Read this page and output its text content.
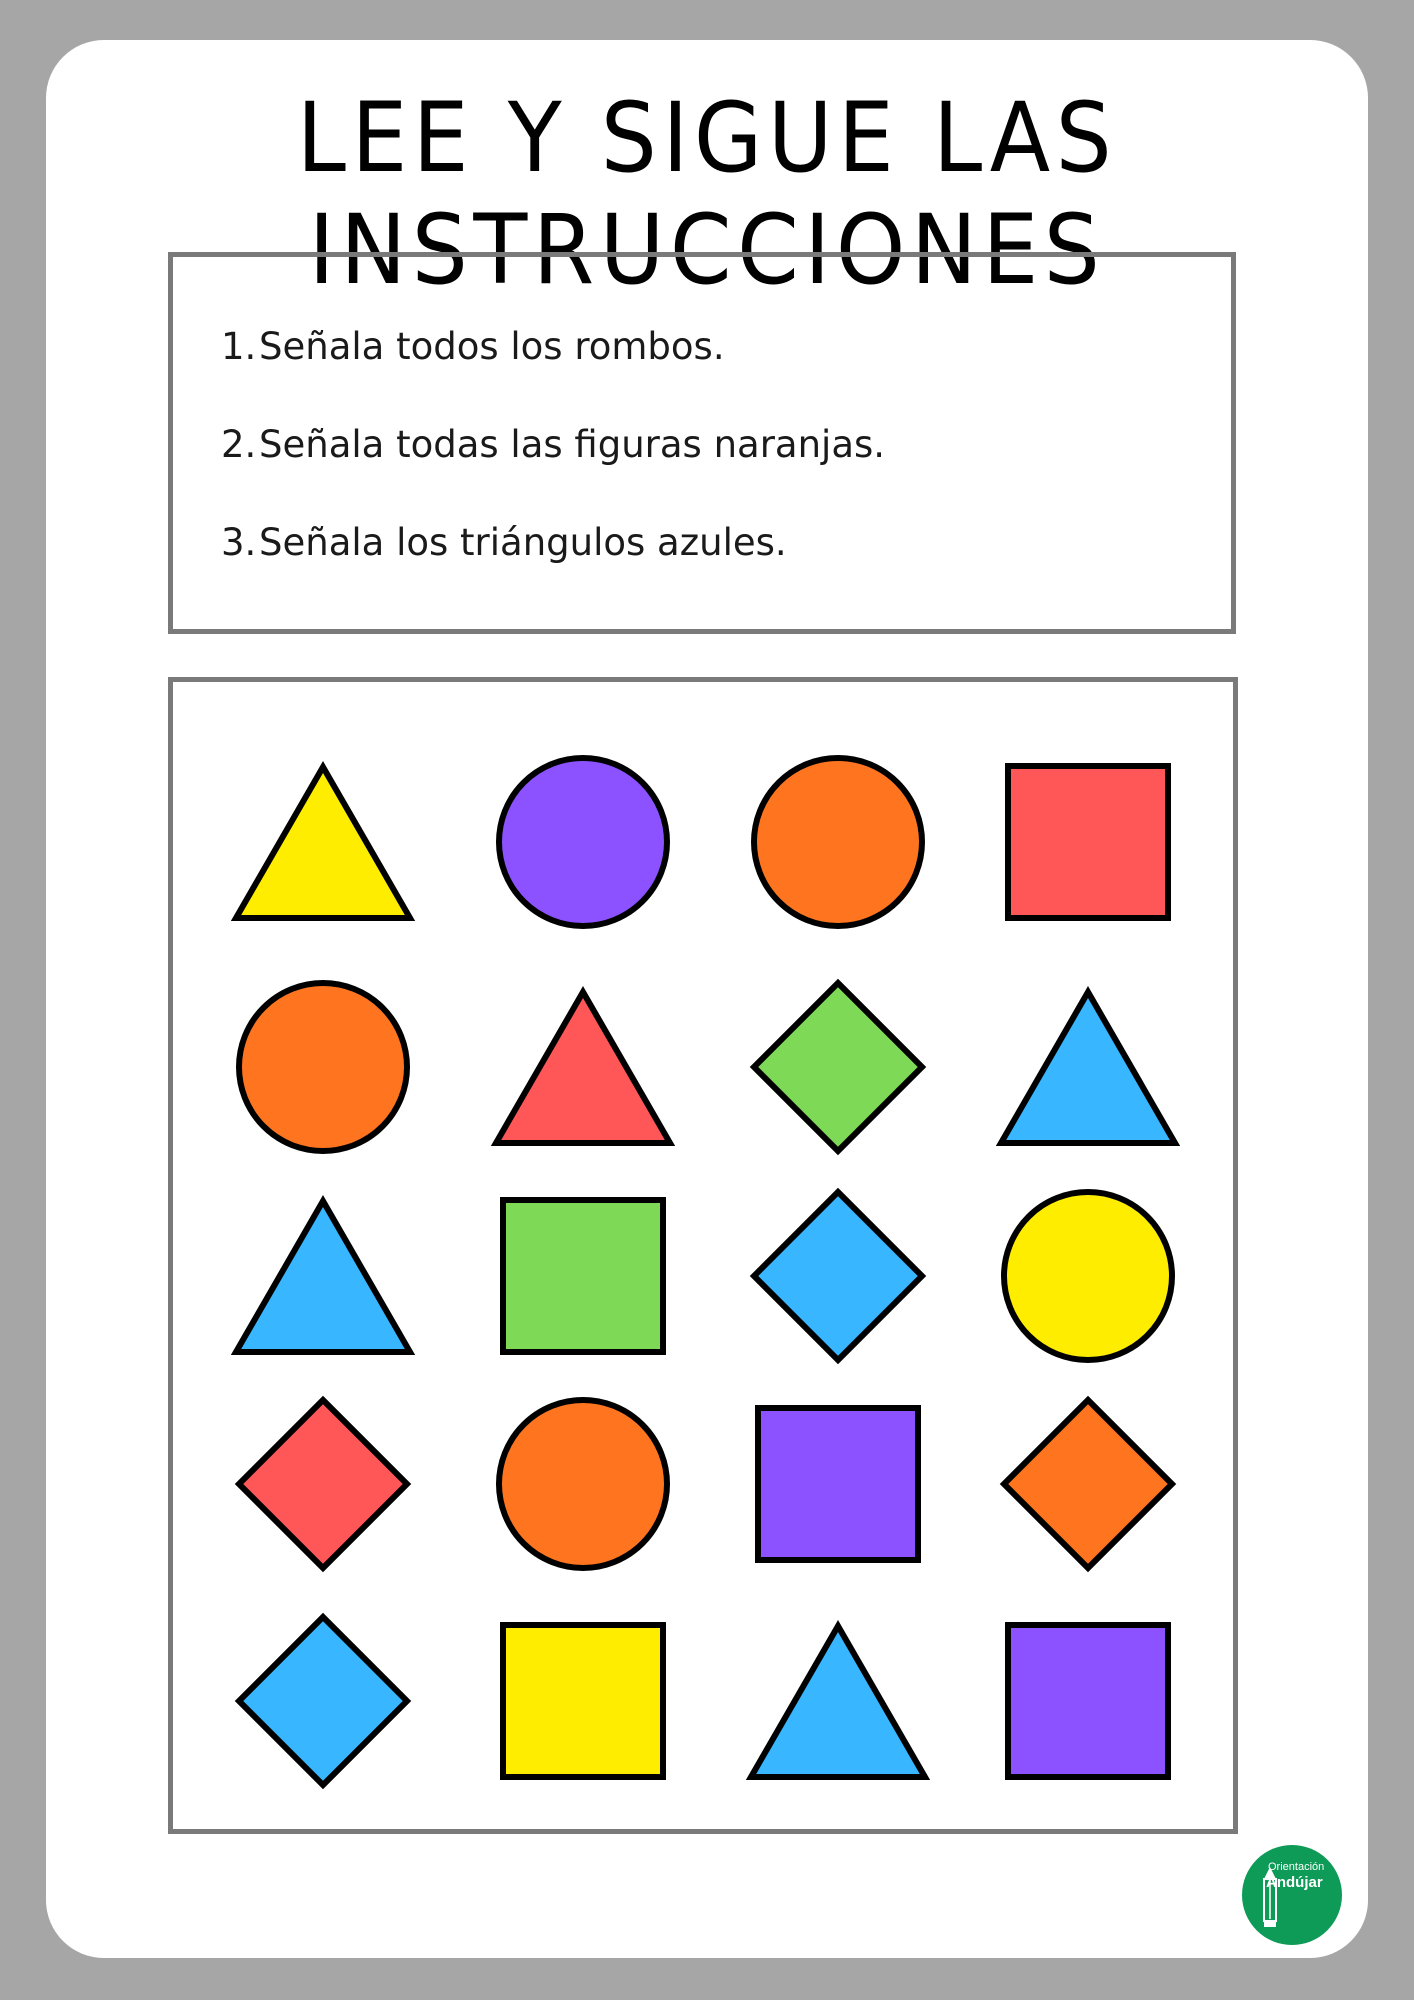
LEE Y SIGUE LAS INSTRUCCIONES
1. Señala todos los rombos.
2. Señala todas las figuras naranjas.
3. Señala los triángulos azules.
Orientación
Andújar
